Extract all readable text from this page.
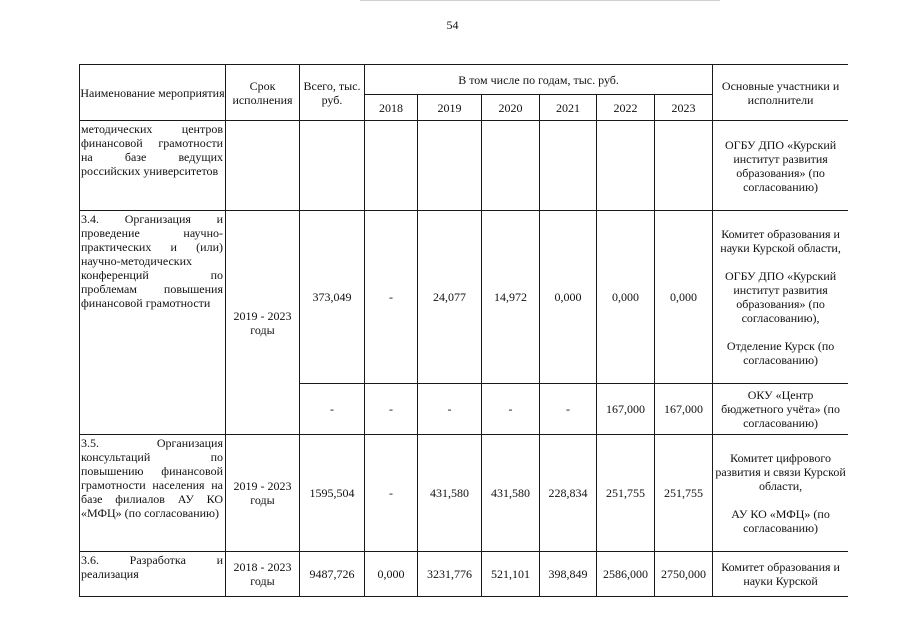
54
Наименование мероприятия	Срок исполнения	Всего, тыс. руб.	В том числе по годам, тыс. руб.						Основные участники и исполнители
			2018	2019	2020	2021	2022	2023	
методических центров финансовой грамотности на базе ведущих российских университетов									ОГБУ ДПО «Курский институт развития образования» (по согласованию)

3.4. Организация и проведение научно-практических и (или) научно-методических конференций по проблемам повышения финансовой грамотности	2019 - 2023 годы	373,049	-	24,077	14,972	0,000	0,000	0,000	Комитет образования и науки Курской области,
ОГБУ ДПО «Курский институт развития образования» (по согласованию),
Отделение Курск (по согласованию)

		-	-	-	-	-	167,000	167,000	ОКУ «Центр бюджетного учёта» (по согласованию)

3.5. Организация консультаций по повышению финансовой грамотности населения на базе филиалов АУ КО «МФЦ» (по согласованию)	2019 - 2023 годы	1595,504	-	431,580	431,580	228,834	251,755	251,755	Комитет цифрового развития и связи Курской области,
АУ КО «МФЦ» (по согласованию)

3.6. Разработка и реализация	2018 - 2023 годы	9487,726	0,000	3231,776	521,101	398,849	2586,000	2750,000	Комитет образования и науки Курской
